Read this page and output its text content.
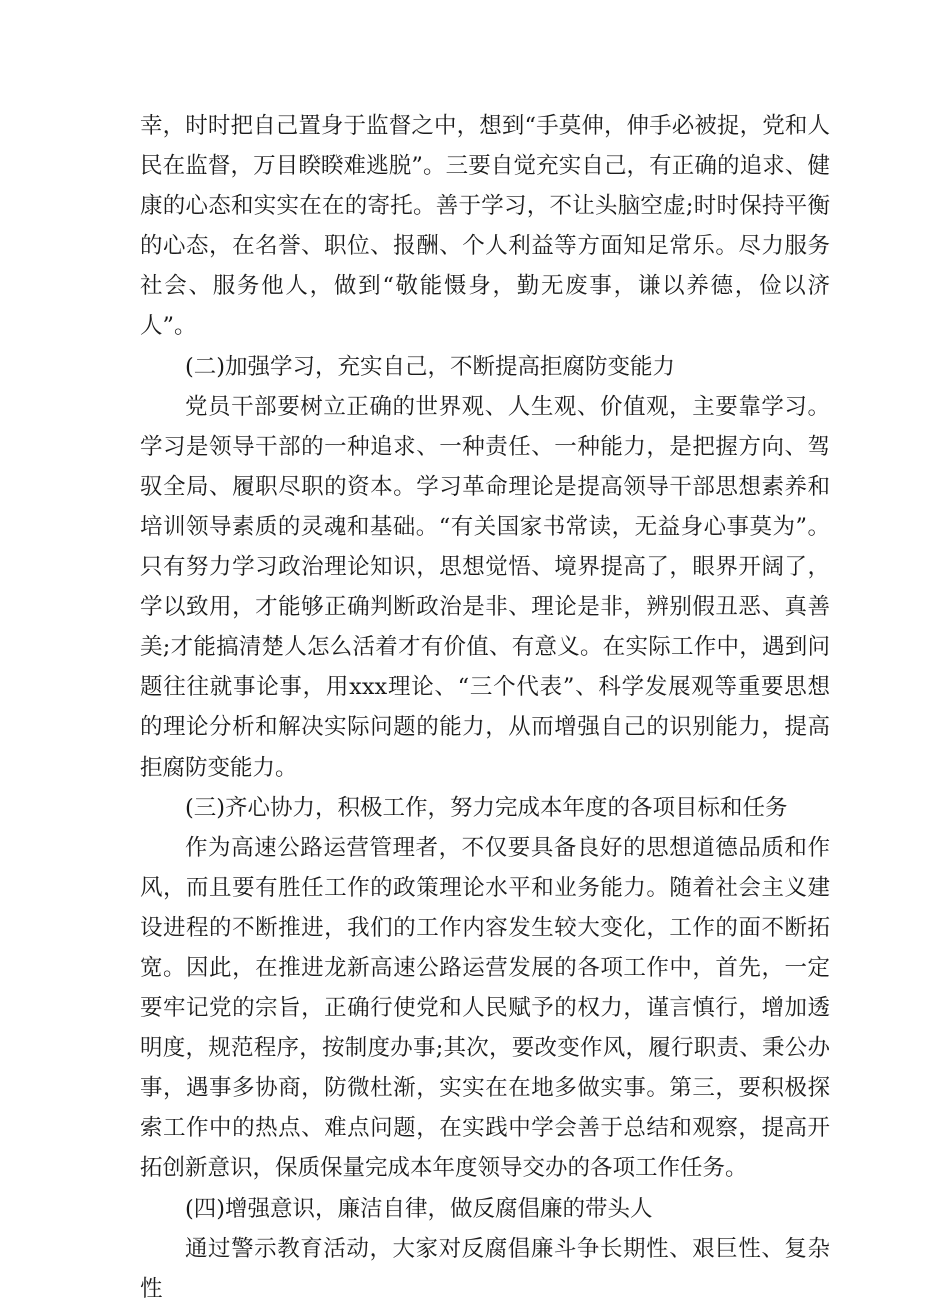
幸，时时把自己置身于监督之中，想到“手莫伸，伸手必被捉，党和人民在监督，万目睽睽难逃脱”。三要自觉充实自己，有正确的追求、健康的心态和实实在在的寄托。善于学习，不让头脑空虚;时时保持平衡的心态，在名誉、职位、报酬、个人利益等方面知足常乐。尽力服务社会、服务他人，做到“敬能慑身，勤无废事，谦以养德，俭以济人”。

(二)加强学习，充实自己，不断提高拒腐防变能力

党员干部要树立正确的世界观、人生观、价值观，主要靠学习。学习是领导干部的一种追求、一种责任、一种能力，是把握方向、驾驭全局、履职尽职的资本。学习革命理论是提高领导干部思想素养和培训领导素质的灵魂和基础。“有关国家书常读，无益身心事莫为”。只有努力学习政治理论知识，思想觉悟、境界提高了，眼界开阔了，学以致用，才能够正确判断政治是非、理论是非，辨别假丑恶、真善美;才能搞清楚人怎么活着才有价值、有意义。在实际工作中，遇到问题往往就事论事，用xxx理论、“三个代表”、科学发展观等重要思想的理论分析和解决实际问题的能力，从而增强自己的识别能力，提高拒腐防变能力。

(三)齐心协力，积极工作，努力完成本年度的各项目标和任务

作为高速公路运营管理者，不仅要具备良好的思想道德品质和作风，而且要有胜任工作的政策理论水平和业务能力。随着社会主义建设进程的不断推进，我们的工作内容发生较大变化，工作的面不断拓宽。因此，在推进龙新高速公路运营发展的各项工作中，首先，一定要牢记党的宗旨，正确行使党和人民赋予的权力，谨言慎行，增加透明度，规范程序，按制度办事;其次，要改变作风，履行职责、秉公办事，遇事多协商，防微杜渐，实实在在地多做实事。第三，要积极探索工作中的热点、难点问题，在实践中学会善于总结和观察，提高开拓创新意识，保质保量完成本年度领导交办的各项工作任务。

(四)增强意识，廉洁自律，做反腐倡廉的带头人

通过警示教育活动，大家对反腐倡廉斗争长期性、艰巨性、复杂性
